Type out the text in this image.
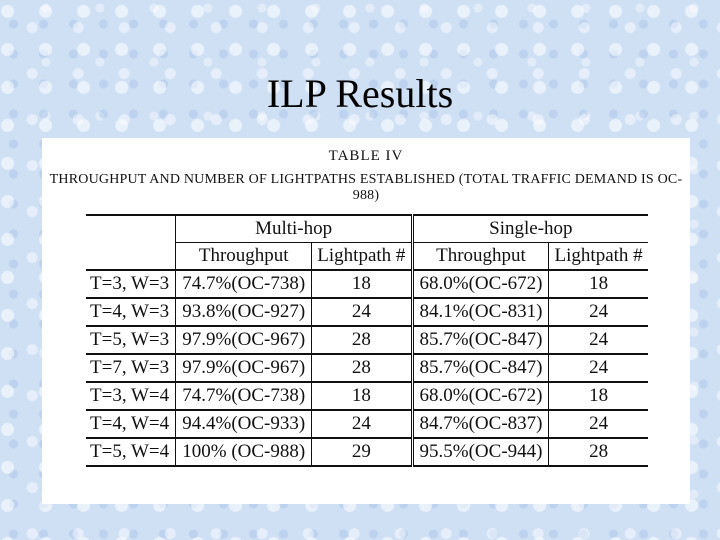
ILP Results
TABLE IV
THROUGHPUT AND NUMBER OF LIGHTPATHS ESTABLISHED (TOTAL TRAFFIC DEMAND IS OC-988)
	Multi-hop		Single-hop	
	Throughput	Lightpath #	Throughput	Lightpath #
T=3, W=3	74.7%(OC-738)	18	68.0%(OC-672)	18
T=4, W=3	93.8%(OC-927)	24	84.1%(OC-831)	24
T=5, W=3	97.9%(OC-967)	28	85.7%(OC-847)	24
T=7, W=3	97.9%(OC-967)	28	85.7%(OC-847)	24
T=3, W=4	74.7%(OC-738)	18	68.0%(OC-672)	18
T=4, W=4	94.4%(OC-933)	24	84.7%(OC-837)	24
T=5, W=4	100% (OC-988)	29	95.5%(OC-944)	28
